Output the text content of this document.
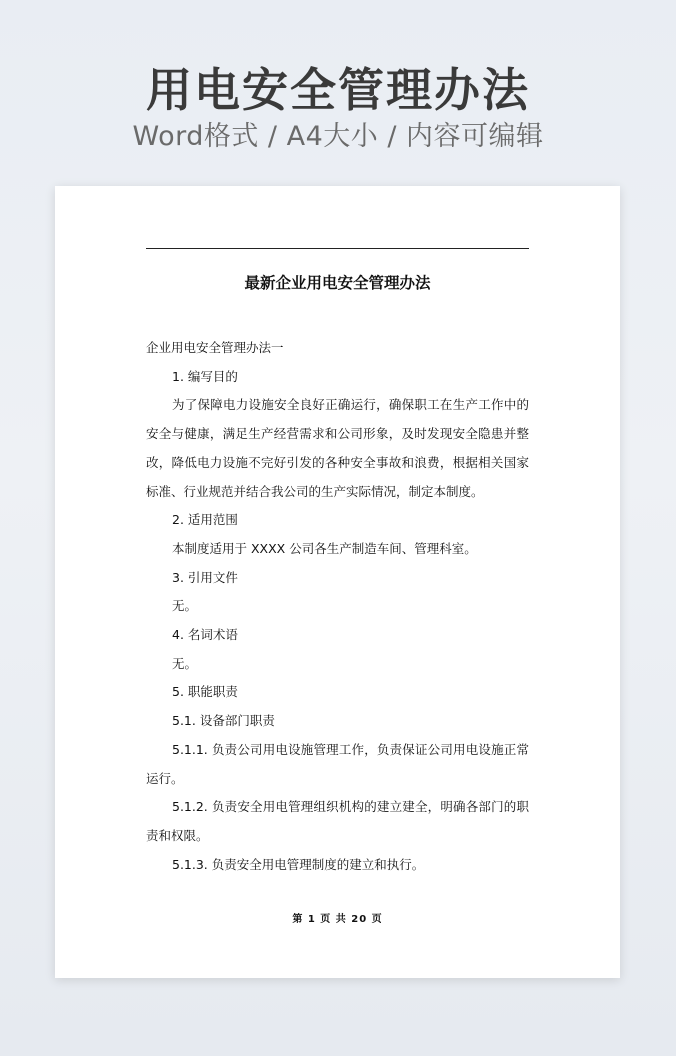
用电安全管理办法
Word格式 / A4大小 / 内容可编辑
最新企业用电安全管理办法

企业用电安全管理办法一

1. 编写目的

为了保障电力设施安全良好正确运行，确保职工在生产工作中的安全与健康，满足生产经营需求和公司形象，及时发现安全隐患并整改，降低电力设施不完好引发的各种安全事故和浪费，根据相关国家标准、行业规范并结合我公司的生产实际情况，制定本制度。

2. 适用范围

本制度适用于 XXXX 公司各生产制造车间、管理科室。

3. 引用文件

无。

4. 名词术语

无。

5. 职能职责

5.1. 设备部门职责

5.1.1. 负责公司用电设施管理工作，负责保证公司用电设施正常运行。

5.1.2. 负责安全用电管理组织机构的建立建全，明确各部门的职责和权限。

5.1.3. 负责安全用电管理制度的建立和执行。

第 1 页 共 20 页
